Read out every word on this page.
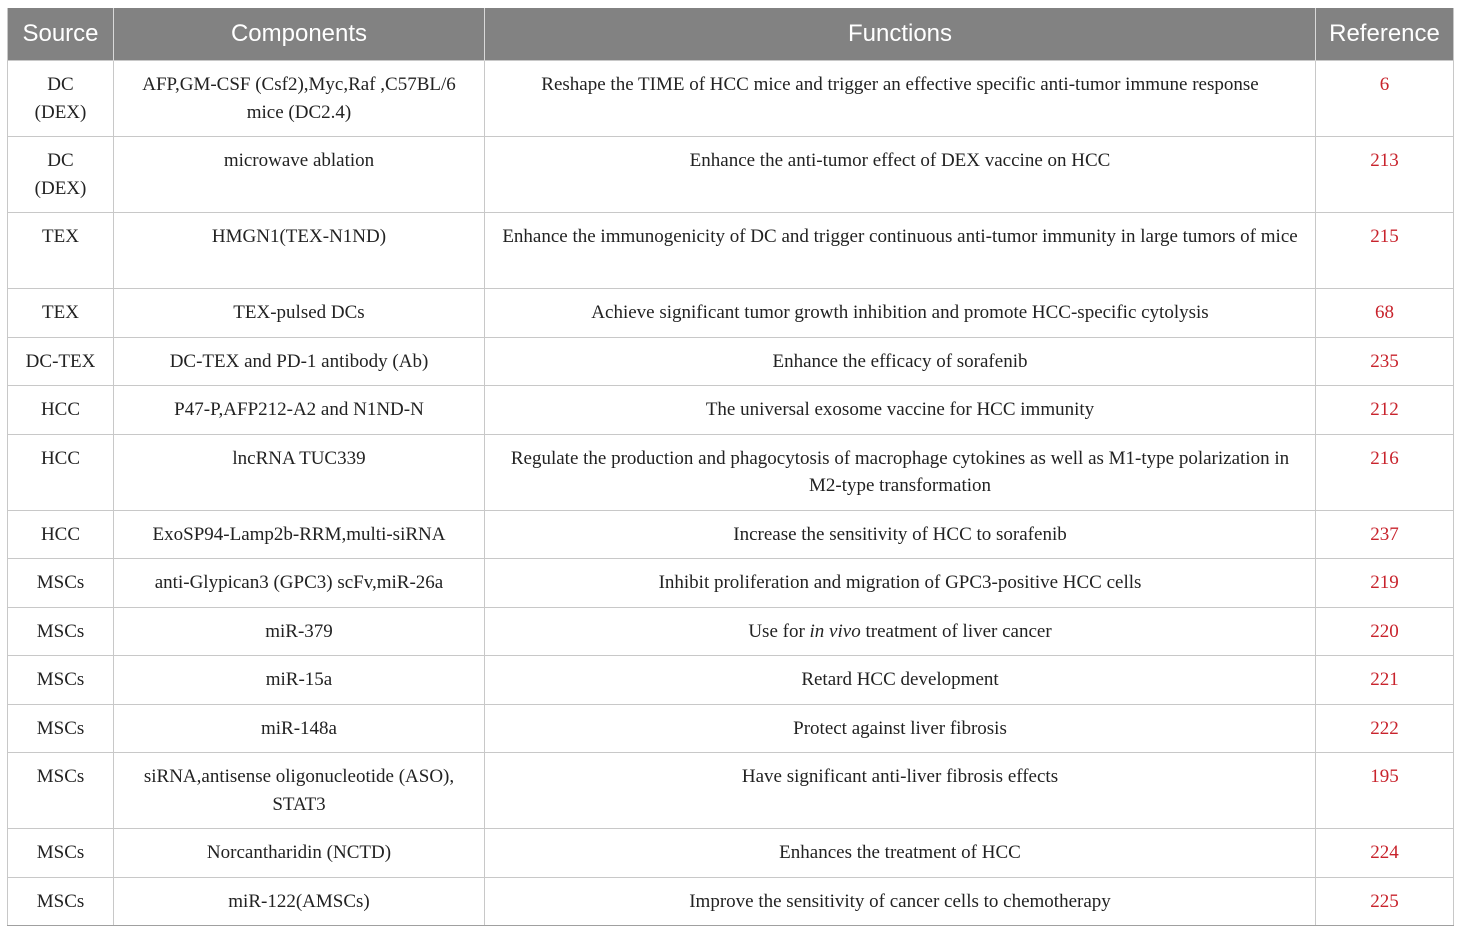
Source	Components	Functions	Reference
DC
(DEX)	AFP,GM-CSF (Csf2),Myc,Raf ,C57BL/6 mice (DC2.4)	Reshape the TIME of HCC mice and trigger an effective specific anti-tumor immune response	6
DC
(DEX)	microwave ablation	Enhance the anti-tumor effect of DEX vaccine on HCC	213
TEX	HMGN1(TEX-N1ND)	Enhance the immunogenicity of DC and trigger continuous anti-tumor immunity in large tumors of mice	215
TEX	TEX-pulsed DCs	Achieve significant tumor growth inhibition and promote HCC-specific cytolysis	68
DC-TEX	DC-TEX and PD-1 antibody (Ab)	Enhance the efficacy of sorafenib	235
HCC	P47-P,AFP212-A2 and N1ND-N	The universal exosome vaccine for HCC immunity	212
HCC	lncRNA TUC339	Regulate the production and phagocytosis of macrophage cytokines as well as M1-type polarization in M2-type transformation	216
HCC	ExoSP94-Lamp2b-RRM,multi-siRNA	Increase the sensitivity of HCC to sorafenib	237
MSCs	anti-Glypican3 (GPC3) scFv,miR-26a	Inhibit proliferation and migration of GPC3-positive HCC cells	219
MSCs	miR-379	Use for in vivo treatment of liver cancer	220
MSCs	miR-15a	Retard HCC development	221
MSCs	miR-148a	Protect against liver fibrosis	222
MSCs	siRNA,antisense oligonucleotide (ASO), STAT3	Have significant anti-liver fibrosis effects	195
MSCs	Norcantharidin (NCTD)	Enhances the treatment of HCC	224
MSCs	miR-122(AMSCs)	Improve the sensitivity of cancer cells to chemotherapy	225
